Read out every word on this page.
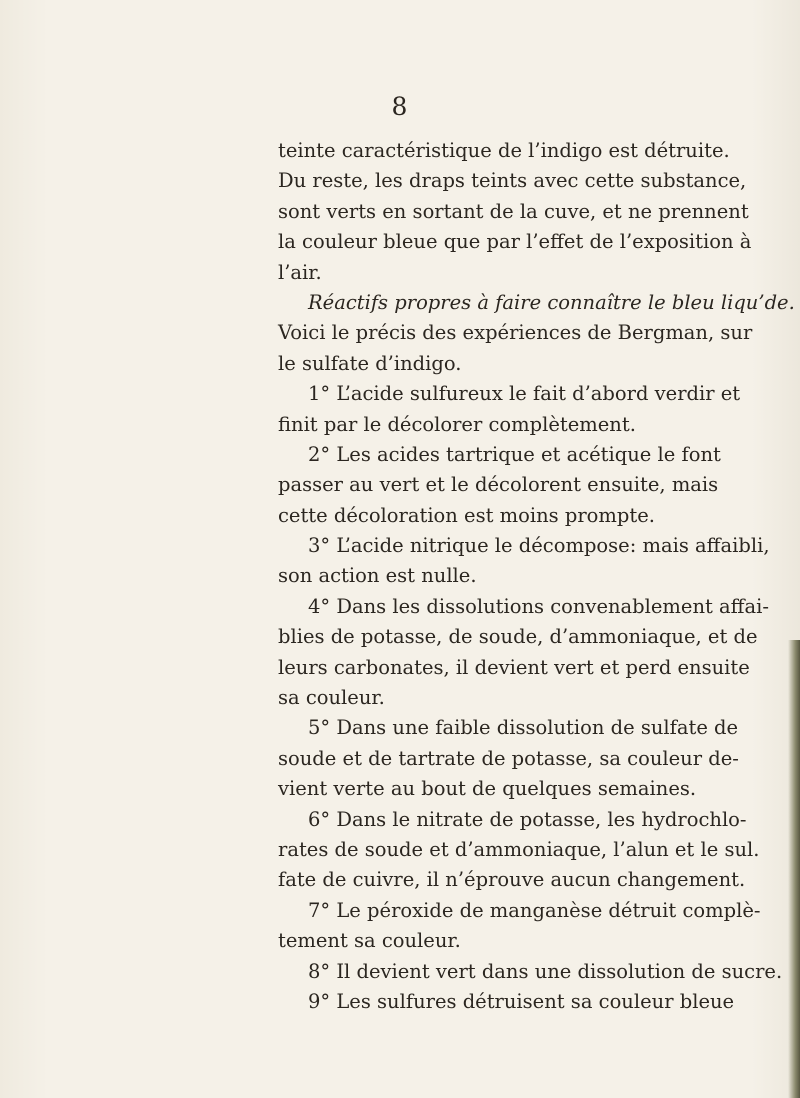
8
teinte caractéristique de l’indigo est détruite.
Du reste, les draps teints avec cette substance,
sont verts en sortant de la cuve, et ne prennent
la couleur bleue que par l’effet de l’exposition à
l’air.
Réactifs propres à faire connaître le bleu liqu’de.
Voici le précis des expériences de Bergman, sur
le sulfate d’indigo.
1° L’acide sulfureux le fait d’abord verdir et
finit par le décolorer complètement.
2° Les acides tartrique et acétique le font
passer au vert et le décolorent ensuite, mais
cette décoloration est moins prompte.
3° L’acide nitrique le décompose: mais affaibli,
son action est nulle.
4° Dans les dissolutions convenablement affai-
blies de potasse, de soude, d’ammoniaque, et de
leurs carbonates, il devient vert et perd ensuite
sa couleur.
5° Dans une faible dissolution de sulfate de
soude et de tartrate de potasse, sa couleur de-
vient verte au bout de quelques semaines.
6° Dans le nitrate de potasse, les hydrochlo-
rates de soude et d’ammoniaque, l’alun et le sul.
fate de cuivre, il n’éprouve aucun changement.
7° Le péroxide de manganèse détruit complè-
tement sa couleur.
8° Il devient vert dans une dissolution de sucre.
9° Les sulfures détruisent sa couleur bleue
